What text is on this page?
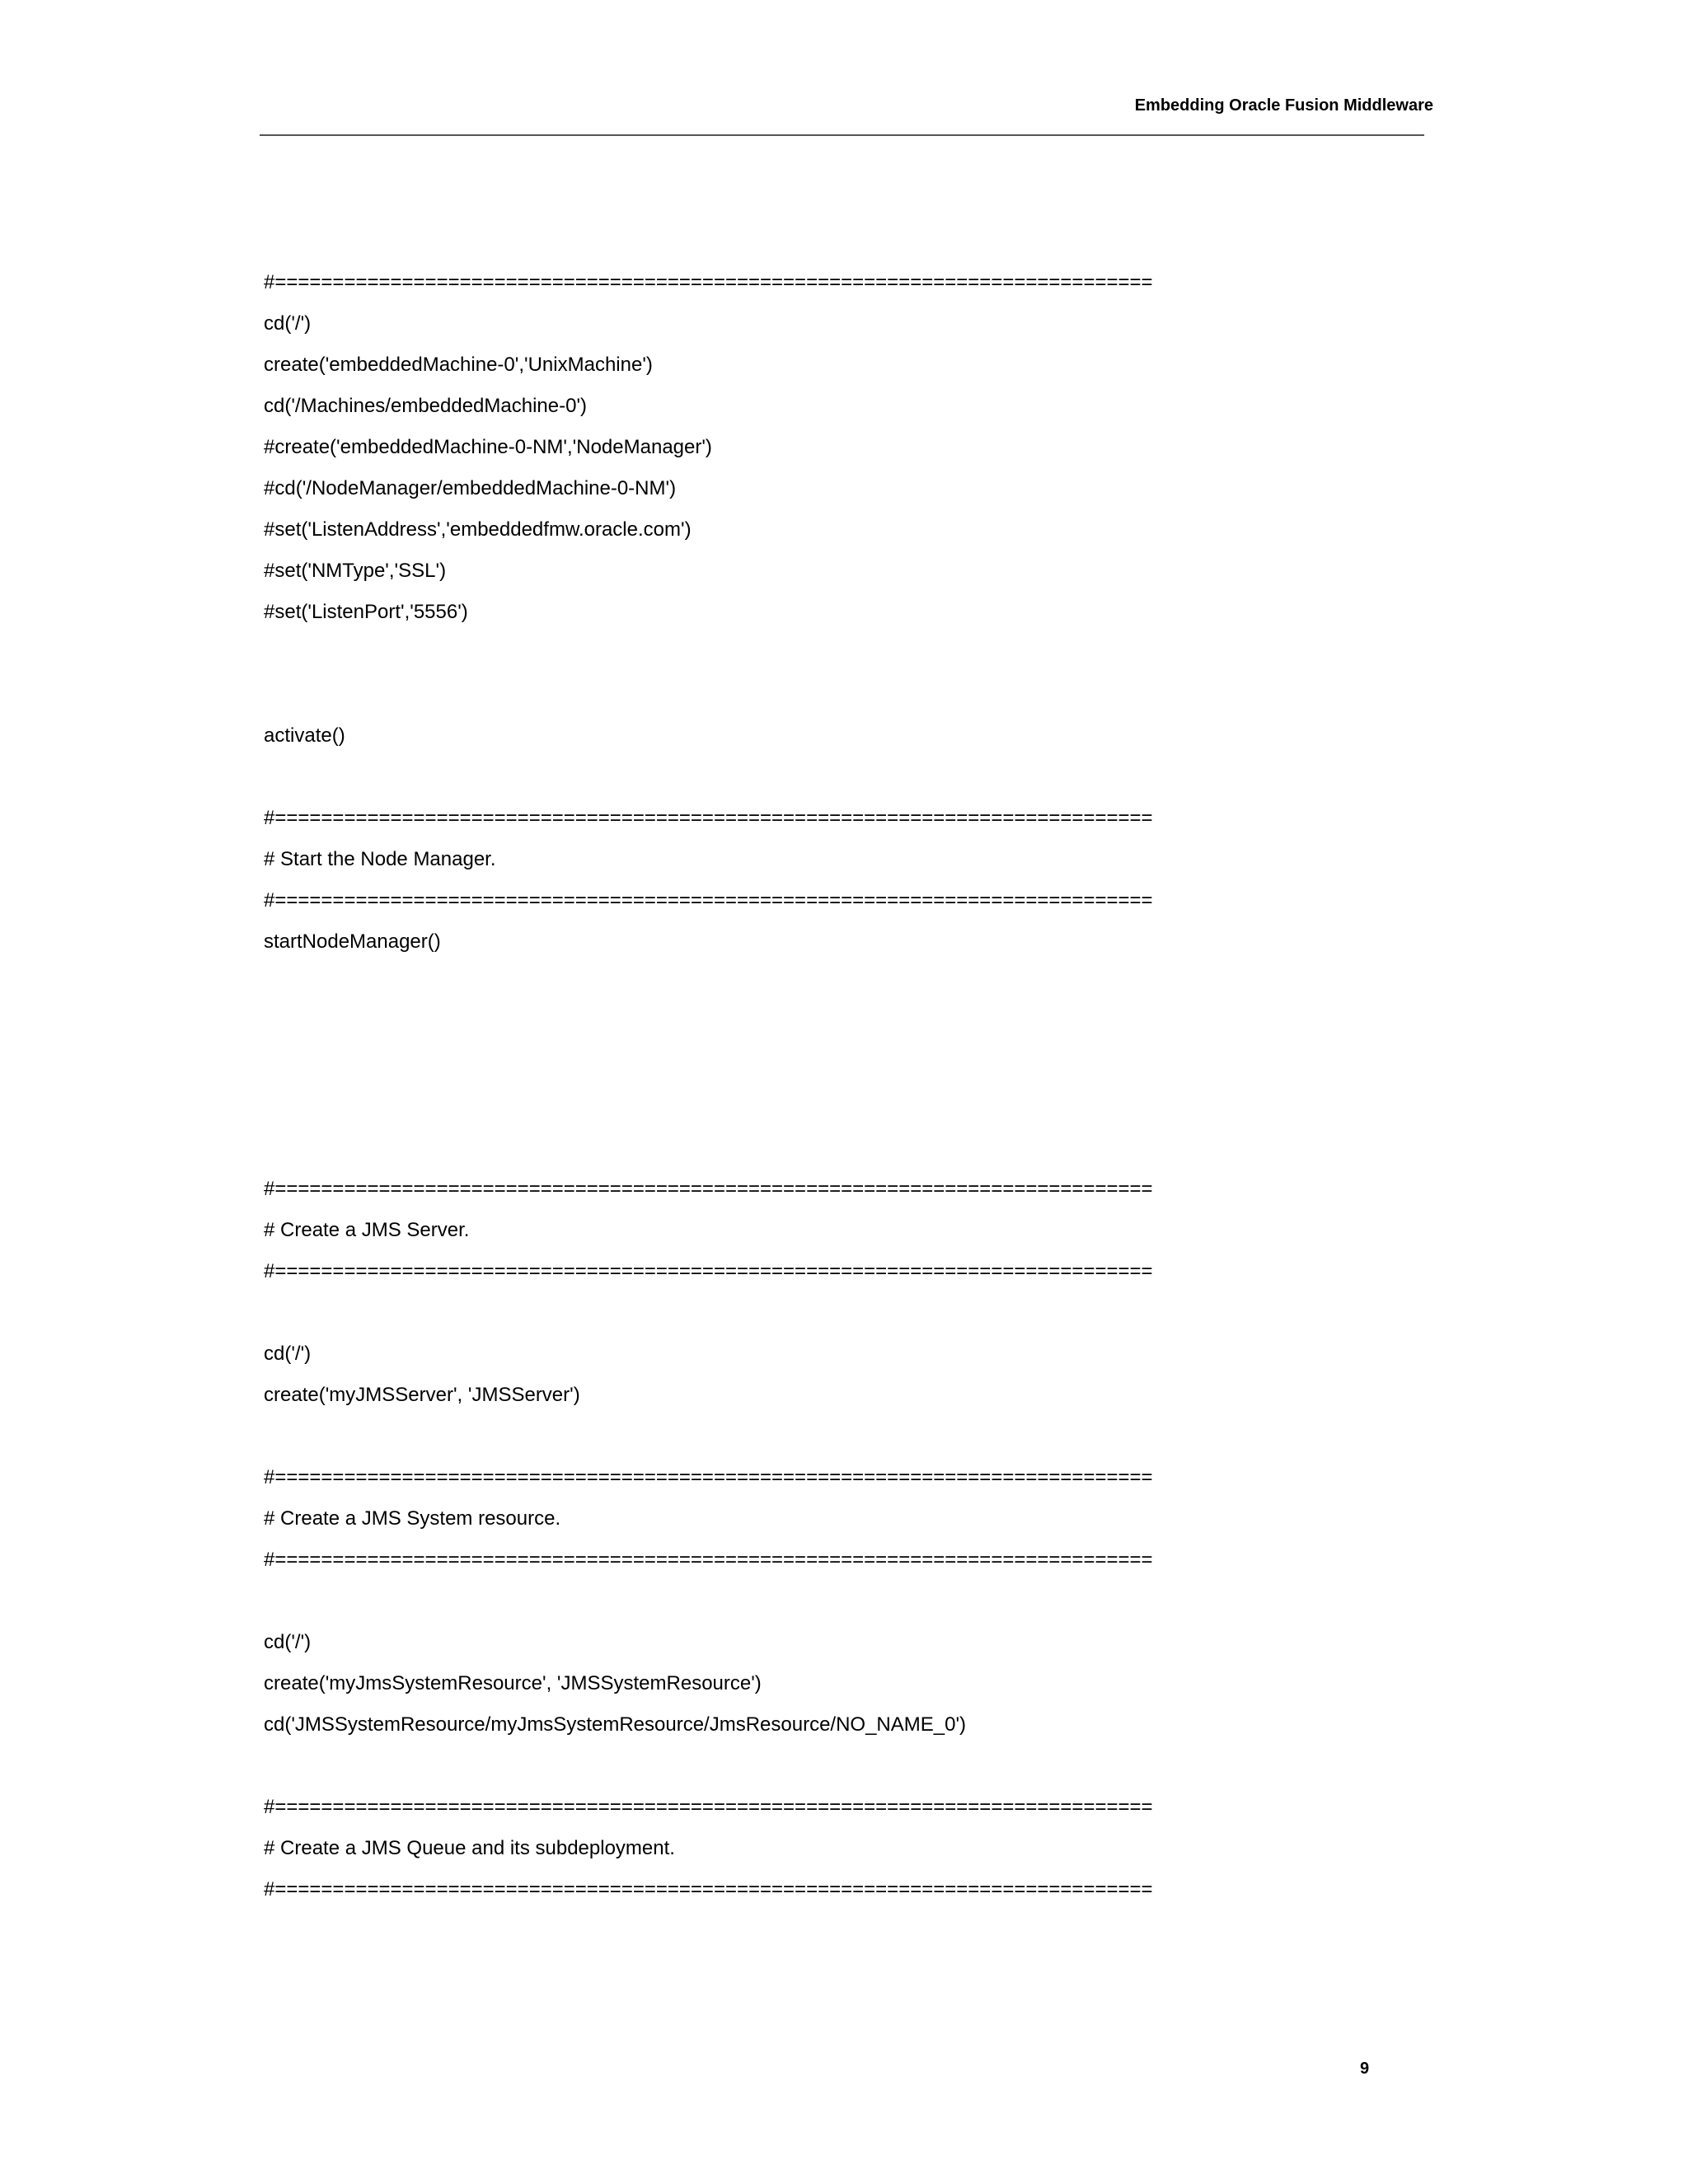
Embedding Oracle Fusion Middleware
#============================================================================
cd('/')
create('embeddedMachine-0','UnixMachine')
cd('/Machines/embeddedMachine-0')
#create('embeddedMachine-0-NM','NodeManager')
#cd('/NodeManager/embeddedMachine-0-NM')
#set('ListenAddress','embeddedfmw.oracle.com')
#set('NMType','SSL')
#set('ListenPort','5556')
activate()
#============================================================================
# Start the Node Manager.
#============================================================================
startNodeManager()
#============================================================================
# Create a JMS Server.
#============================================================================
cd('/')
create('myJMSServer', 'JMSServer')
#============================================================================
# Create a JMS System resource.
#============================================================================
cd('/')
create('myJmsSystemResource', 'JMSSystemResource')
cd('JMSSystemResource/myJmsSystemResource/JmsResource/NO_NAME_0')
#============================================================================
# Create a JMS Queue and its subdeployment.
#============================================================================
9
